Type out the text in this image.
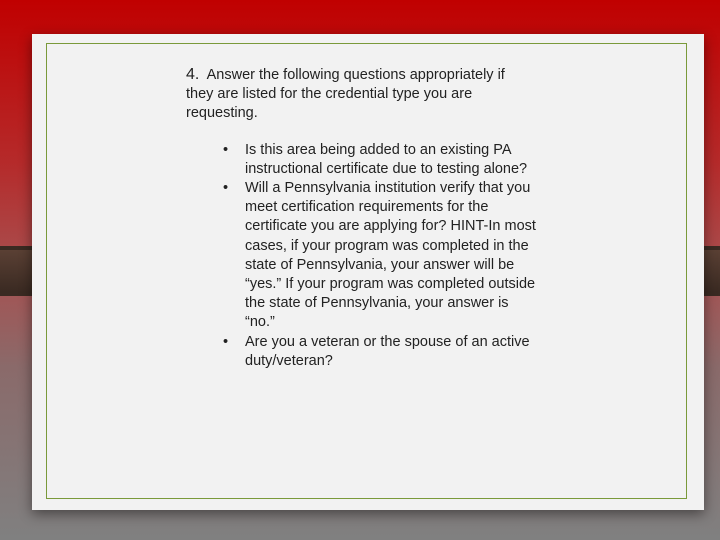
4. Answer the following questions appropriately if they are listed for the credential type you are requesting.
• Is this area being added to an existing PA instructional certificate due to testing alone?
• Will a Pennsylvania institution verify that you meet certification requirements for the certificate you are applying for? HINT-In most cases, if your program was completed in the state of Pennsylvania, your answer will be “yes.” If your program was completed outside the state of Pennsylvania, your answer is “no.”
• Are you a veteran or the spouse of an active duty/veteran?
